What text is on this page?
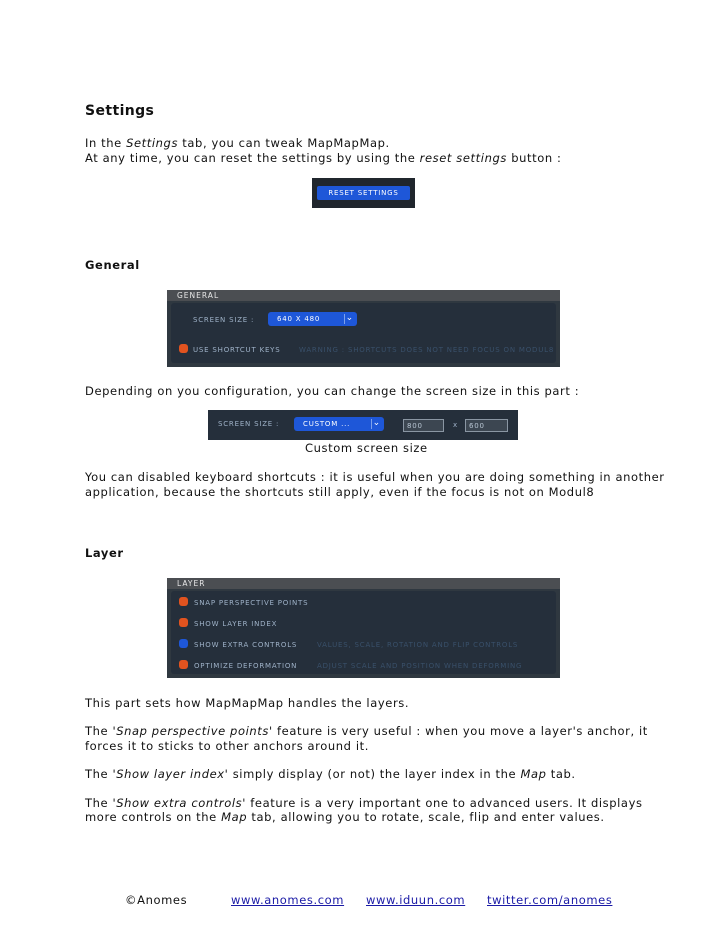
Settings
In the Settings tab, you can tweak MapMapMap.
At any time, you can reset the settings by using the reset settings button :
RESET SETTINGS
General
GENERAL
SCREEN SIZE :	640 X 480	⌄
USE SHORTCUT KEYS	WARNING : SHORTCUTS DOES NOT NEED FOCUS ON MODUL8
Depending on you configuration, you can change the screen size in this part :
SCREEN SIZE :	CUSTOM ... ⌄	800	x	600
Custom screen size
You can disabled keyboard shortcuts : it is useful when you are doing something in another
application, because the shortcuts still apply, even if the focus is not on Modul8
Layer
LAYER
SNAP PERSPECTIVE POINTS
SHOW LAYER INDEX
SHOW EXTRA CONTROLS	VALUES, SCALE, ROTATION AND FLIP CONTROLS
OPTIMIZE DEFORMATION	ADJUST SCALE AND POSITION WHEN DEFORMING
This part sets how MapMapMap handles the layers.
The 'Snap perspective points' feature is very useful : when you move a layer's anchor, it
forces it to sticks to other anchors around it.
The 'Show layer index' simply display (or not) the layer index in the Map tab.
The 'Show extra controls' feature is a very important one to advanced users. It displays
more controls on the Map tab, allowing you to rotate, scale, flip and enter values.
©Anomes	www.anomes.com www.iduun.com twitter.com/anomes
